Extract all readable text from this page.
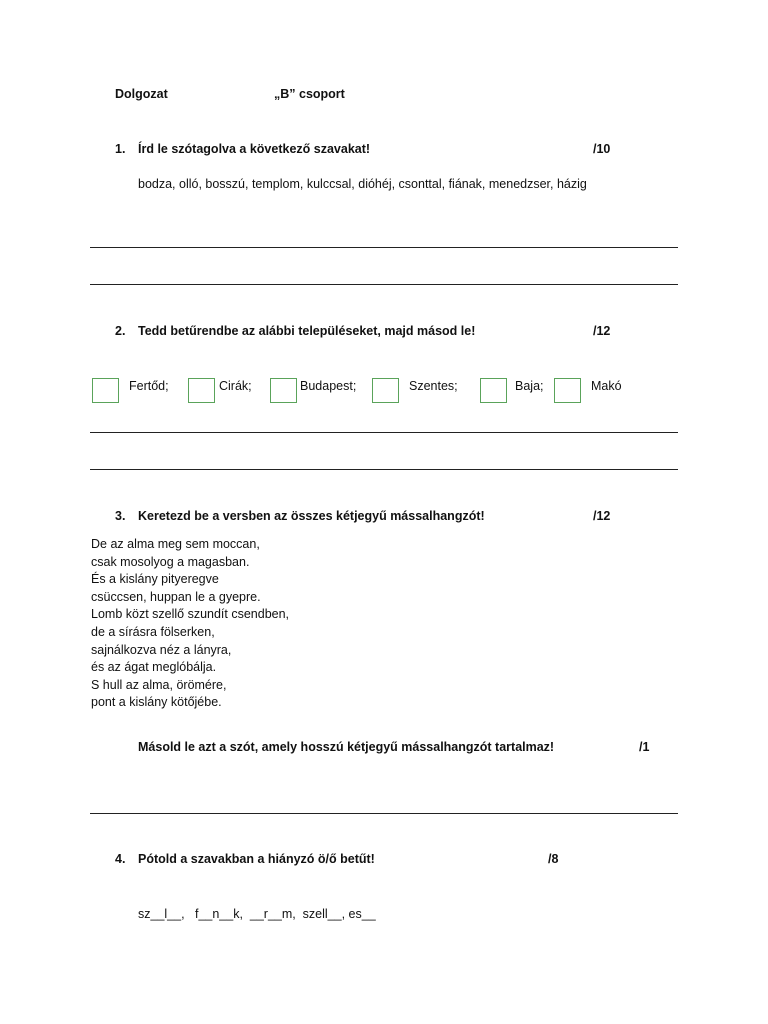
Dolgozat	„B” csoport
1. Írd le szótagolva a következő szavakat!	/10
bodza, olló, bosszú, templom, kulccsal, dióhéj, csonttal, fiának, menedzser, házig
2. Tedd betűrendbe az alábbi településeket, majd másod le!	/12
Fertőd;	Cirák;	Budapest;	Szentes;	Baja;	Makó
3. Keretezd be a versben az összes kétjegyű mássalhangzót!	/12
De az alma meg sem moccan,
csak mosolyog a magasban.
És a kislány pityeregve
csüccsen, huppan le a gyepre.
Lomb közt szellő szundít csendben,
de a sírásra fölserken,
sajnálkozva néz a lányra,
és az ágat meglóbálja.
S hull az alma, örömére,
pont a kislány kötőjébe.
Másold le azt a szót, amely hosszú kétjegyű mássalhangzót tartalmaz!	/1
4. Pótold a szavakban a hiányzó ö/ő betűt!	/8
sz__l__,   f__n__k,  __r__m,  szell__, es__
